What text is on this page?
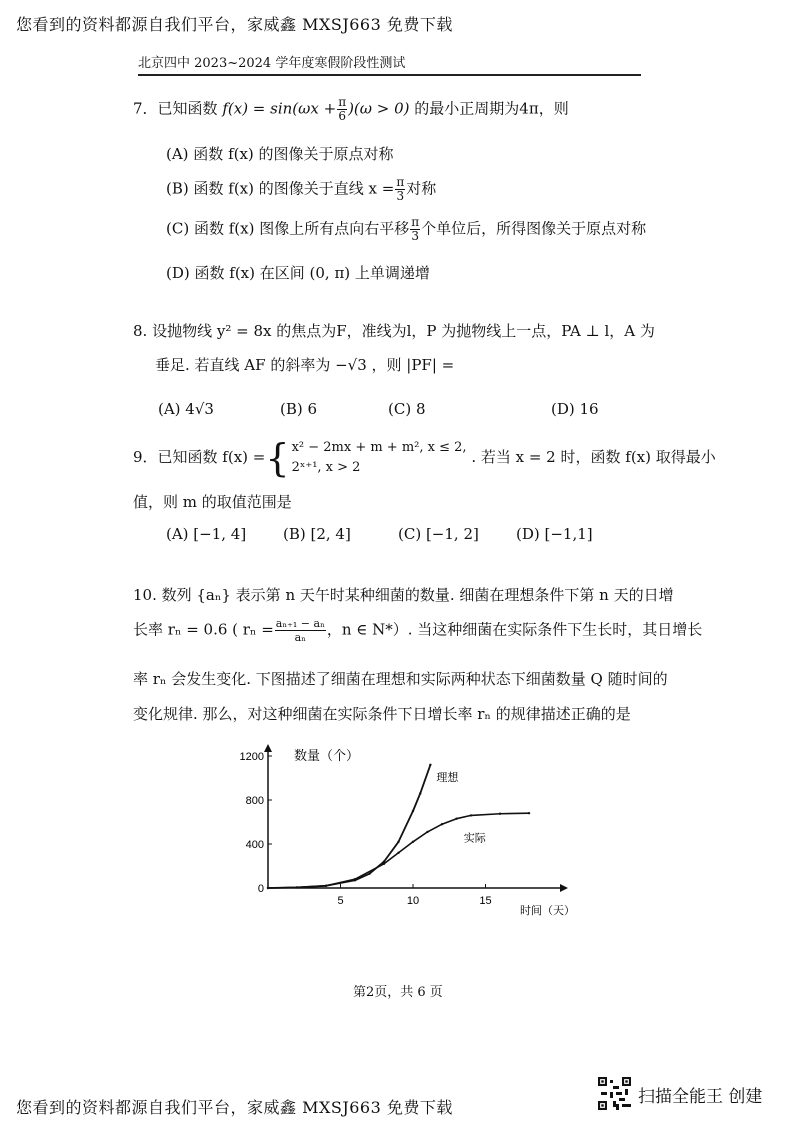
您看到的资料都源自我们平台，家威鑫 MXSJ663 免费下载
北京四中 2023~2024 学年度寒假阶段性测试
7．已知函数 $f(x) = \sin(\omega x + \frac{\pi}{6} )(\omega > 0)$ 的最小正周期为4π，则
(A) 函数 f(x) 的图像关于原点对称
(B) 函数 f(x) 的图像关于直线 $x = \frac{\pi}{3}$ 对称
(C) 函数 f(x) 图像上所有点向右平移 $\frac{\pi}{3}$ 个单位后，所得图像关于原点对称
(D) 函数 f(x) 在区间 (0, π) 上单调递增
8. 设抛物线 y² = 8x 的焦点为F，准线为l，P 为抛物线上一点，PA ⊥ l，A 为
垂足. 若直线 AF 的斜率为 −√3 ，则 |PF| =
(A) 4√3	(B) 6	(C) 8	(D) 16
9．已知函数 f(x) ={ x² − 2mx + m + m², x ≤ 2,
2ˣ⁺¹, x > 2
. 若当 x = 2 时，函数 f(x) 取得最小
值，则 m 的取值范围是
(A) [−1, 4] (B) [2, 4]	(C) [−1, 2] (D) [−1,1]
10. 数列 {aₙ} 表示第 n 天午时某种细菌的数量. 细菌在理想条件下第 n 天的日增
长率 rₙ = 0.6 ( $r_n = \frac{\text{aₙ₊₁ − aₙ}}{\text{aₙ}}$ ，n ∈ N*）. 当这种细菌在实际条件下生长时，其日增长
率 rₙ 会发生变化. 下图描述了细菌在理想和实际两种状态下细菌数量 Q 随时间的
变化规律. 那么，对这种细菌在实际条件下日增长率 rₙ 的规律描述正确的是
数量（个）
时间（天）
1200
800
400
0
5	10	15
理想
实际
第2页，共 6 页
您看到的资料都源自我们平台，家威鑫 MXSJ663 免费下载
扫描全能王 创建
